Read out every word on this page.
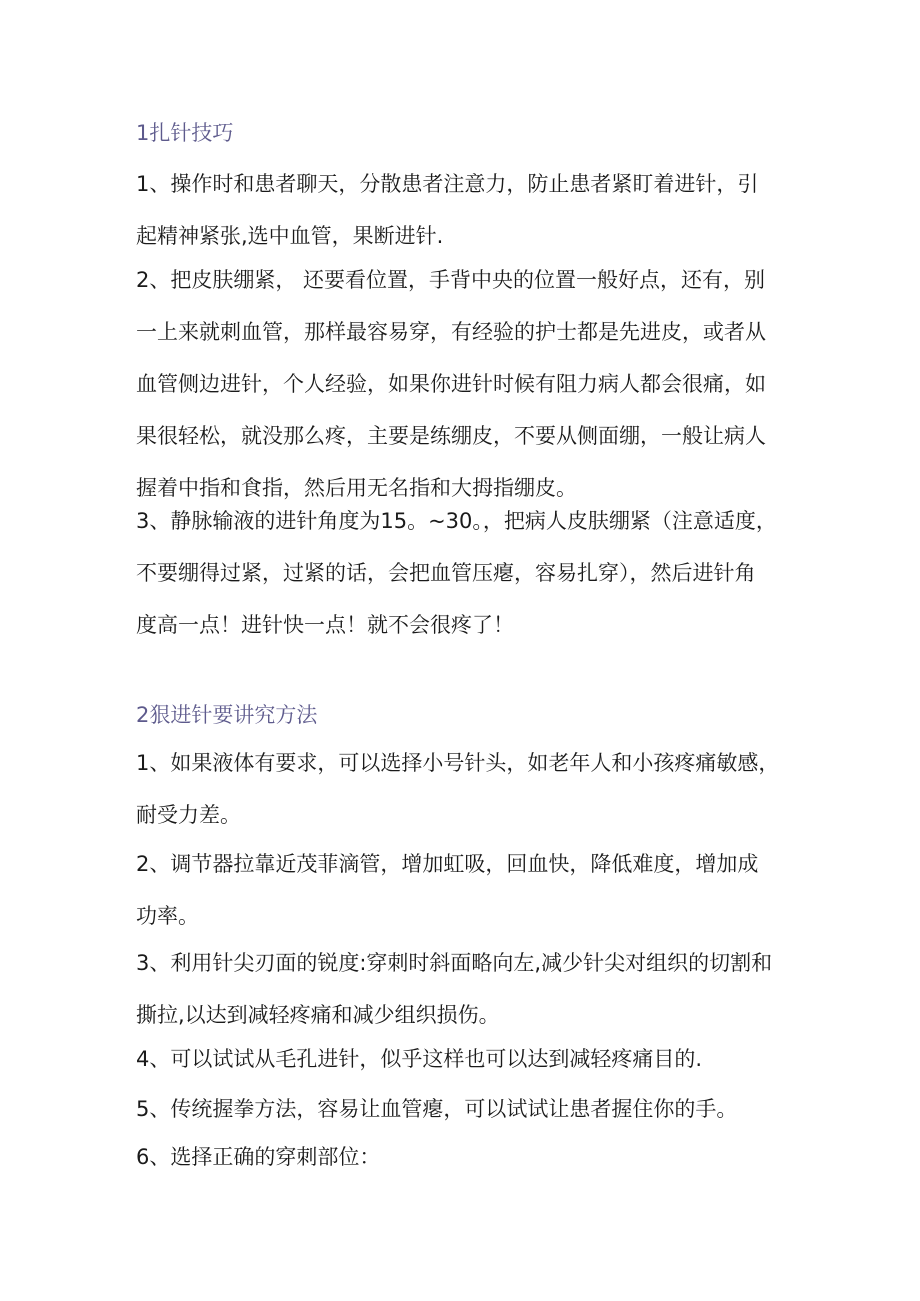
1扎针技巧
1、操作时和患者聊天，分散患者注意力，防止患者紧盯着进针，引
起精神紧张,选中血管，果断进针.
2、把皮肤绷紧， 还要看位置，手背中央的位置一般好点，还有，别
一上来就刺血管，那样最容易穿，有经验的护士都是先进皮，或者从
血管侧边进针，个人经验，如果你进针时候有阻力病人都会很痛，如
果很轻松，就没那么疼，主要是练绷皮，不要从侧面绷，一般让病人
握着中指和食指，然后用无名指和大拇指绷皮。
3、静脉输液的进针角度为15。~30。，把病人皮肤绷紧（注意适度，
不要绷得过紧，过紧的话，会把血管压瘪，容易扎穿），然后进针角
度高一点！进针快一点！就不会很疼了！
2狠进针要讲究方法
1、如果液体有要求，可以选择小号针头，如老年人和小孩疼痛敏感，
耐受力差。
2、调节器拉靠近茂菲滴管，增加虹吸，回血快，降低难度，增加成
功率。
3、利用针尖刃面的锐度:穿刺时斜面略向左,减少针尖对组织的切割和
撕拉,以达到减轻疼痛和减少组织损伤。
4、可以试试从毛孔进针，似乎这样也可以达到减轻疼痛目的.
5、传统握拳方法，容易让血管瘪，可以试试让患者握住你的手。
6、选择正确的穿刺部位：
